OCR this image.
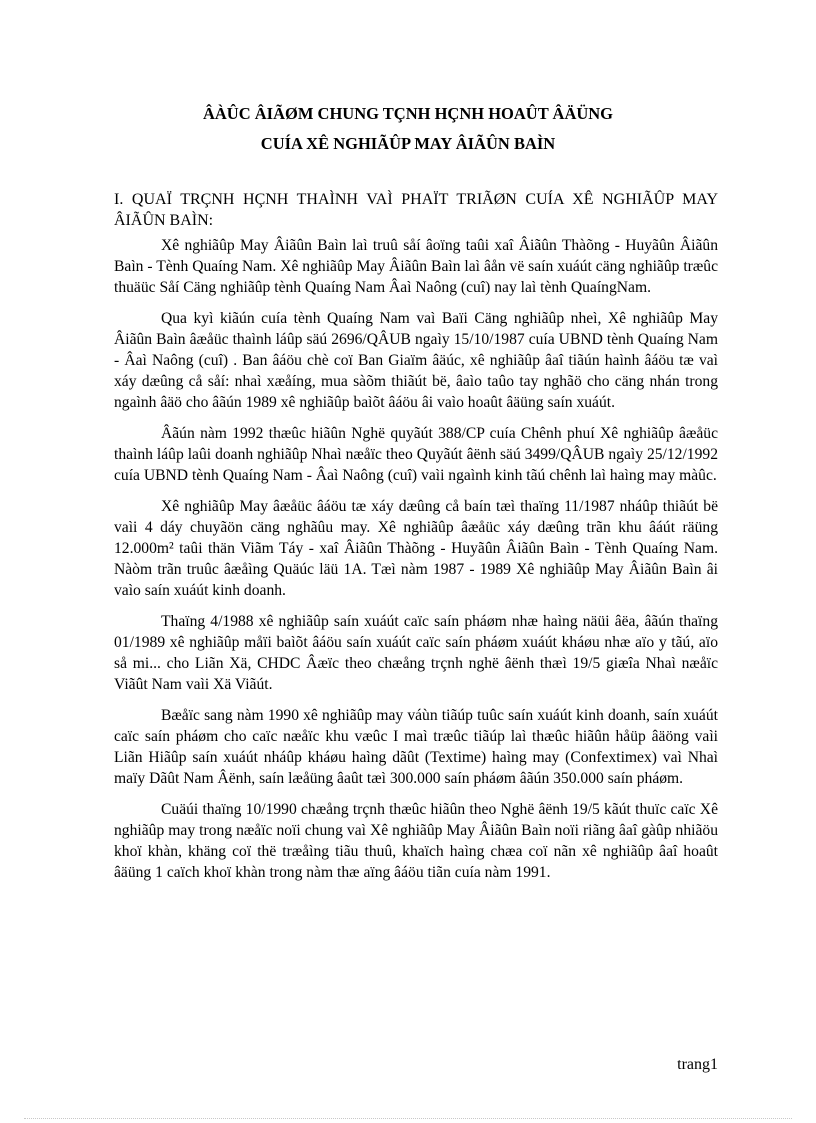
ÂÀÛC ÂIÃØM CHUNG TÇNH HÇNH HOAÛT ÂÄÜNG
CUÍA XÊ NGHIÃÛP MAY ÂIÃÛN BAÌN
I. QUAÏ TRÇNH HÇNH THAÌNH VAÌ PHAÏT TRIÃØN CUÍA XÊ NGHIÃÛP MAY ÂIÃÛN BAÌN:

Xê nghiãûp May Âiãûn Baìn laì truû såí âoïng taûi xaî Âiãûn Thàõng - Huyãûn Âiãûn Baìn - Tènh Quaíng Nam. Xê nghiãûp May Âiãûn Baìn laì âån vë saín xuáút cäng nghiãûp træûc thuäüc Såí Cäng nghiãûp tènh Quaíng Nam Âaì Naông (cuî) nay laì tènh QuaíngNam.

Qua kyì kiãún cuía tènh Quaíng Nam vaì Baïi Cäng nghiãûp nheì, Xê nghiãûp May Âiãûn Baìn âæåüc thaình láûp säú 2696/QÂUB ngaìy 15/10/1987 cuía UBND tènh Quaíng Nam - Âaì Naông (cuî) . Ban âáöu chè coï Ban Giaïm âäúc, xê nghiãûp âaî tiãún haình âáöu tæ vaì xáy dæûng cå såí: nhaì xæåíng, mua sàõm thiãút bë, âaìo taûo tay nghãö cho cäng nhán trong ngaình âäö cho âãún 1989 xê nghiãûp baìõt âáöu âi vaìo hoaût âäüng saín xuáút.

Âãún nàm 1992 thæûc hiãûn Nghë quyãút 388/CP cuía Chênh phuí Xê nghiãûp âæåüc thaình láûp laûi doanh nghiãûp Nhaì næåïc theo Quyãút âënh säú 3499/QÂUB ngaìy 25/12/1992 cuía UBND tènh Quaíng Nam - Âaì Naông (cuî) vaìi ngaình kinh tãú chênh laì haìng may màûc.

Xê nghiãûp May âæåüc âáöu tæ xáy dæûng cå baín tæì thaïng 11/1987 nháûp thiãút bë vaìi 4 dáy chuyãön cäng nghãûu may. Xê nghiãûp âæåüc xáy dæûng trãn khu âáút räüng 12.000m² taûi thän Viãm Táy - xaî Âiãûn Thàõng - Huyãûn Âiãûn Baìn - Tènh Quaíng Nam. Nàòm trãn truûc âæåìng Quäúc läü 1A. Tæì nàm 1987 - 1989 Xê nghiãûp May Âiãûn Baìn âi vaìo saín xuáút kinh doanh.

Thaïng 4/1988 xê nghiãûp saín xuáút caïc saín pháøm nhæ haìng näüi âëa, âãún thaïng 01/1989 xê nghiãûp måïi baìõt âáöu saín xuáút caïc saín pháøm xuáút kháøu nhæ aïo y tãú, aïo så mi... cho Liãn Xä, CHDC Âæïc theo chæång trçnh nghë âënh thæì 19/5 giæîa Nhaì næåïc Viãût Nam vaìi Xä Viãút.

Bæåïc sang nàm 1990 xê nghiãûp may váùn tiãúp tuûc saín xuáút kinh doanh, saín xuáút caïc saín pháøm cho caïc næåïc khu væûc I maì træûc tiãúp laì thæûc hiãûn håüp âäöng vaìi Liãn Hiãûp saín xuáút nháûp kháøu haìng dãût (Textime) haìng may (Confextimex) vaì Nhaì maïy Dãût Nam Âënh, saín læåüng âaût tæì 300.000 saín pháøm âãún 350.000 saín pháøm.

Cuäúi thaïng 10/1990 chæång trçnh thæûc hiãûn theo Nghë âënh 19/5 kãút thuïc caïc Xê nghiãûp may trong næåïc noïi chung vaì Xê nghiãûp May Âiãûn Baìn noïi riãng âaî gàûp nhiãöu khoï khàn, khäng coï thë træåìng tiãu thuû, khaïch haìng chæa coï nãn xê nghiãûp âaî hoaût âäüng 1 caïch khoï khàn trong nàm thæ aïng âáöu tiãn cuía nàm 1991.

trang1
